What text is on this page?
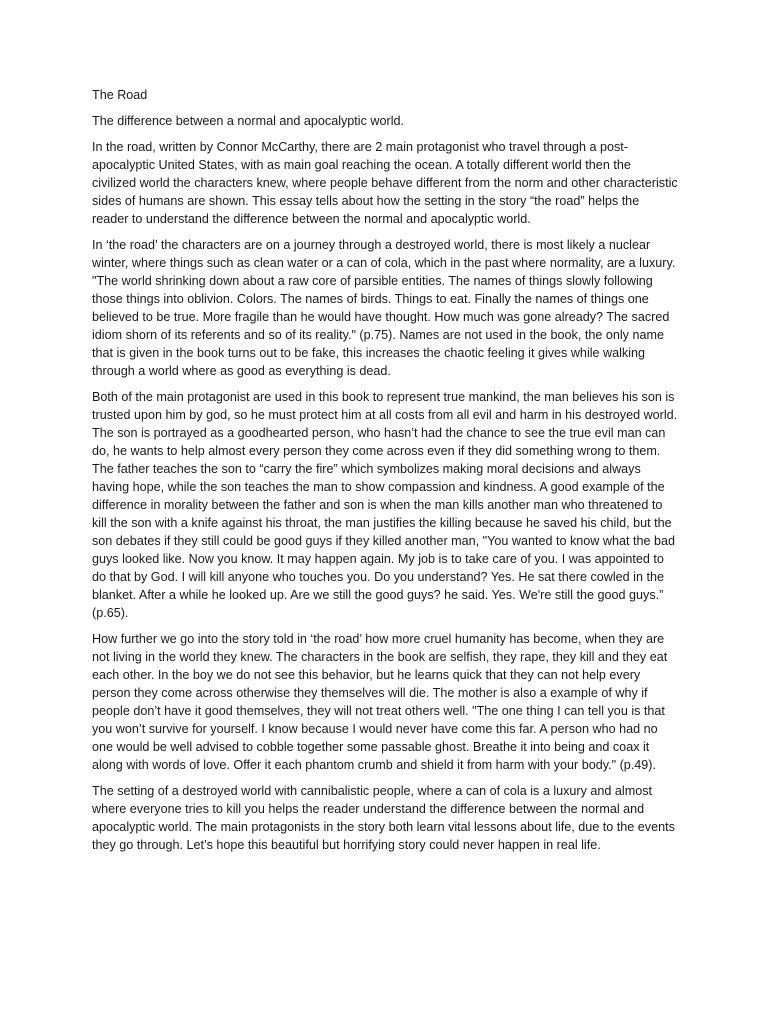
The Road

The difference between a normal and apocalyptic world.

In the road, written by Connor McCarthy, there are 2 main protagonist who travel through a post-apocalyptic United States, with as main goal reaching the ocean. A totally different world then the civilized world the characters knew, where people behave different from the norm and other characteristic sides of humans are shown. This essay tells about how the setting in the story “the road” helps the reader to understand the difference between the normal and apocalyptic world.

In ‘the road’ the characters are on a journey through a destroyed world, there is most likely a nuclear winter, where things such as clean water or a can of cola, which in the past where normality, are a luxury. "The world shrinking down about a raw core of parsible entities. The names of things slowly following those things into oblivion. Colors. The names of birds. Things to eat. Finally the names of things one believed to be true. More fragile than he would have thought. How much was gone already? The sacred idiom shorn of its referents and so of its reality." (p.75). Names are not used in the book, the only name that is given in the book turns out to be fake, this increases the chaotic feeling it gives while walking through a world where as good as everything is dead.

Both of the main protagonist are used in this book to represent true mankind, the man believes his son is trusted upon him by god, so he must protect him at all costs from all evil and harm in his destroyed world. The son is portrayed as a goodhearted person, who hasn’t had the chance to see the true evil man can do, he wants to help almost every person they come across even if they did something wrong to them. The father teaches the son to “carry the fire” which symbolizes making moral decisions and always having hope, while the son teaches the man to show compassion and kindness. A good example of the difference in morality between the father and son is when the man kills another man who threatened to kill the son with a knife against his throat, the man justifies the killing because he saved his child, but the son debates if they still could be good guys if they killed another man, "You wanted to know what the bad guys looked like. Now you know. It may happen again. My job is to take care of you. I was appointed to do that by God. I will kill anyone who touches you. Do you understand? Yes. He sat there cowled in the blanket. After a while he looked up. Are we still the good guys? he said. Yes. We're still the good guys.” (p.65).

How further we go into the story told in ‘the road’ how more cruel humanity has become, when they are not living in the world they knew. The characters in the book are selfish, they rape, they kill and they eat each other. In the boy we do not see this behavior, but he learns quick that they can not help every person they come across otherwise they themselves will die. The mother is also a example of why if people don’t have it good themselves, they will not treat others well. "The one thing I can tell you is that you won’t survive for yourself. I know because I would never have come this far. A person who had no one would be well advised to cobble together some passable ghost. Breathe it into being and coax it along with words of love. Offer it each phantom crumb and shield it from harm with your body." (p.49).

The setting of a destroyed world with cannibalistic people, where a can of cola is a luxury and almost where everyone tries to kill you helps the reader understand the difference between the normal and apocalyptic world. The main protagonists in the story both learn vital lessons about life, due to the events they go through. Let’s hope this beautiful but horrifying story could never happen in real life.
